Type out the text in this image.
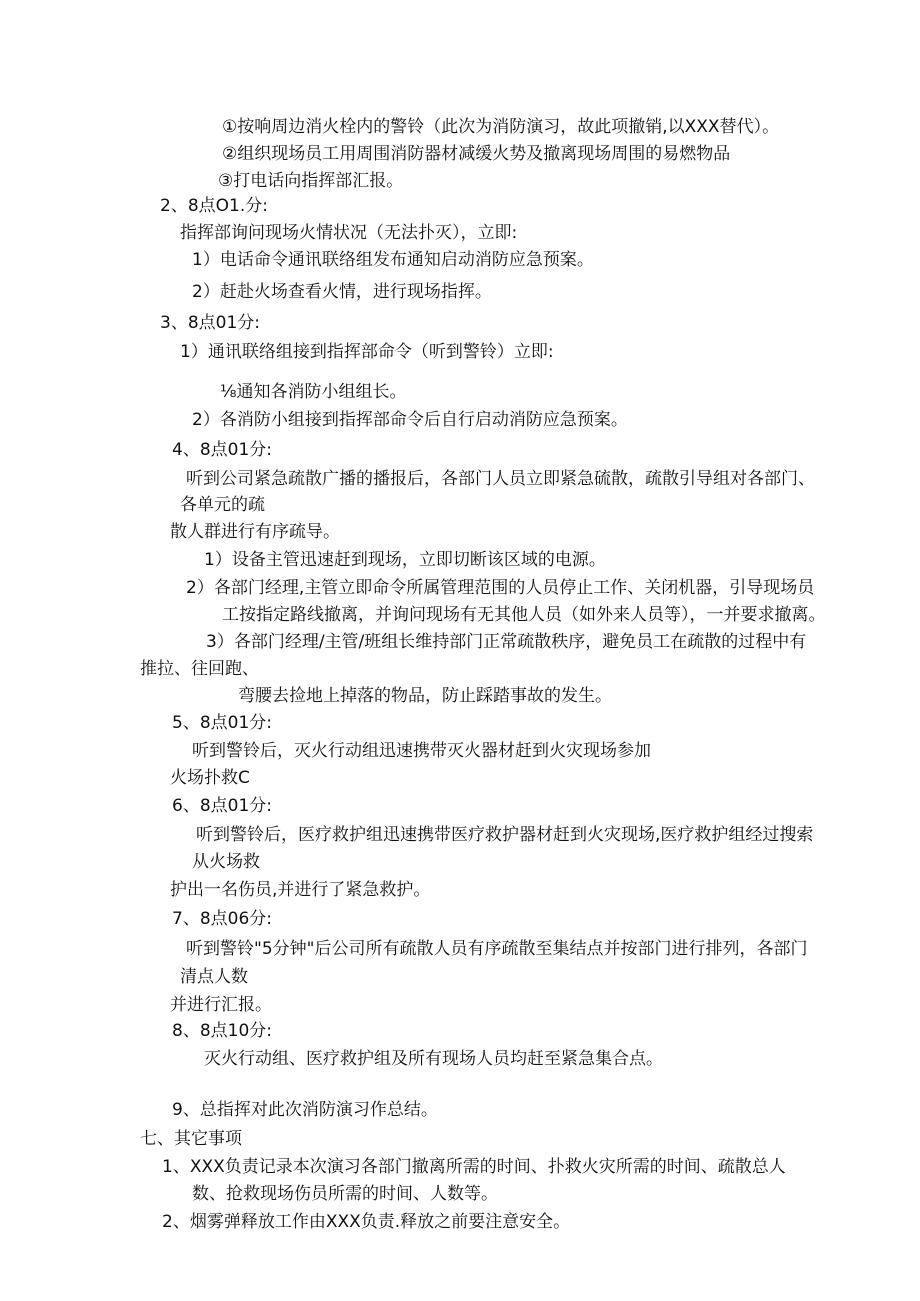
①按响周边消火栓内的警铃（此次为消防演习，故此项撤销,以XXX替代）。
②组织现场员工用周围消防器材减缓火势及撤离现场周围的易燃物品
③打电话向指挥部汇报。
2、8点O1.分:
指挥部询问现场火情状况（无法扑灭），立即:
1）电话命令通讯联络组发布通知启动消防应急预案。
2）赶赴火场查看火情，进行现场指挥。
3、8点01分:
1）通讯联络组接到指挥部命令（听到警铃）立即:
⅛通知各消防小组组长。
2）各消防小组接到指挥部命令后自行启动消防应急预案。
4、8点01分:
听到公司紧急疏散广播的播报后，各部门人员立即紧急硫散，疏散引导组对各部门、
各单元的疏
散人群进行有序疏导。
1）设备主管迅速赶到现场，立即切断该区域的电源。
2）各部门经理,主管立即命令所属管理范围的人员停止工作、关闭机器，引导现场员
工按指定路线撤离，并询问现场有无其他人员（如外来人员等），一并要求撤离。
3）各部门经理/主管/班组长维持部门正常疏散秩序，避免员工在疏散的过程中有
推拉、往回跑、
弯腰去捡地上掉落的物品，防止踩踏事故的发生。
5、8点01分:
听到警铃后，灭火行动组迅速携带灭火器材赶到火灾现场参加
火场扑救C
6、8点01分:
听到警铃后，医疗救护组迅速携带医疗救护器材赶到火灾现场,医疗救护组经过搜索
从火场救
护出一名伤员,并进行了紧急救护。
7、8点06分:
听到警铃"5分钟"后公司所有疏散人员有序疏散至集结点并按部门进行排列，各部门
清点人数
并进行汇报。
8、8点10分:
灭火行动组、医疗救护组及所有现场人员均赶至紧急集合点。
9、总指挥对此次消防演习作总结。
七、其它事项
1、XXX负责记录本次演习各部门撤离所需的时间、扑救火灾所需的时间、疏散总人
数、抢救现场伤员所需的时间、人数等。
2、烟雾弹释放工作由XXX负责.释放之前要注意安全。
